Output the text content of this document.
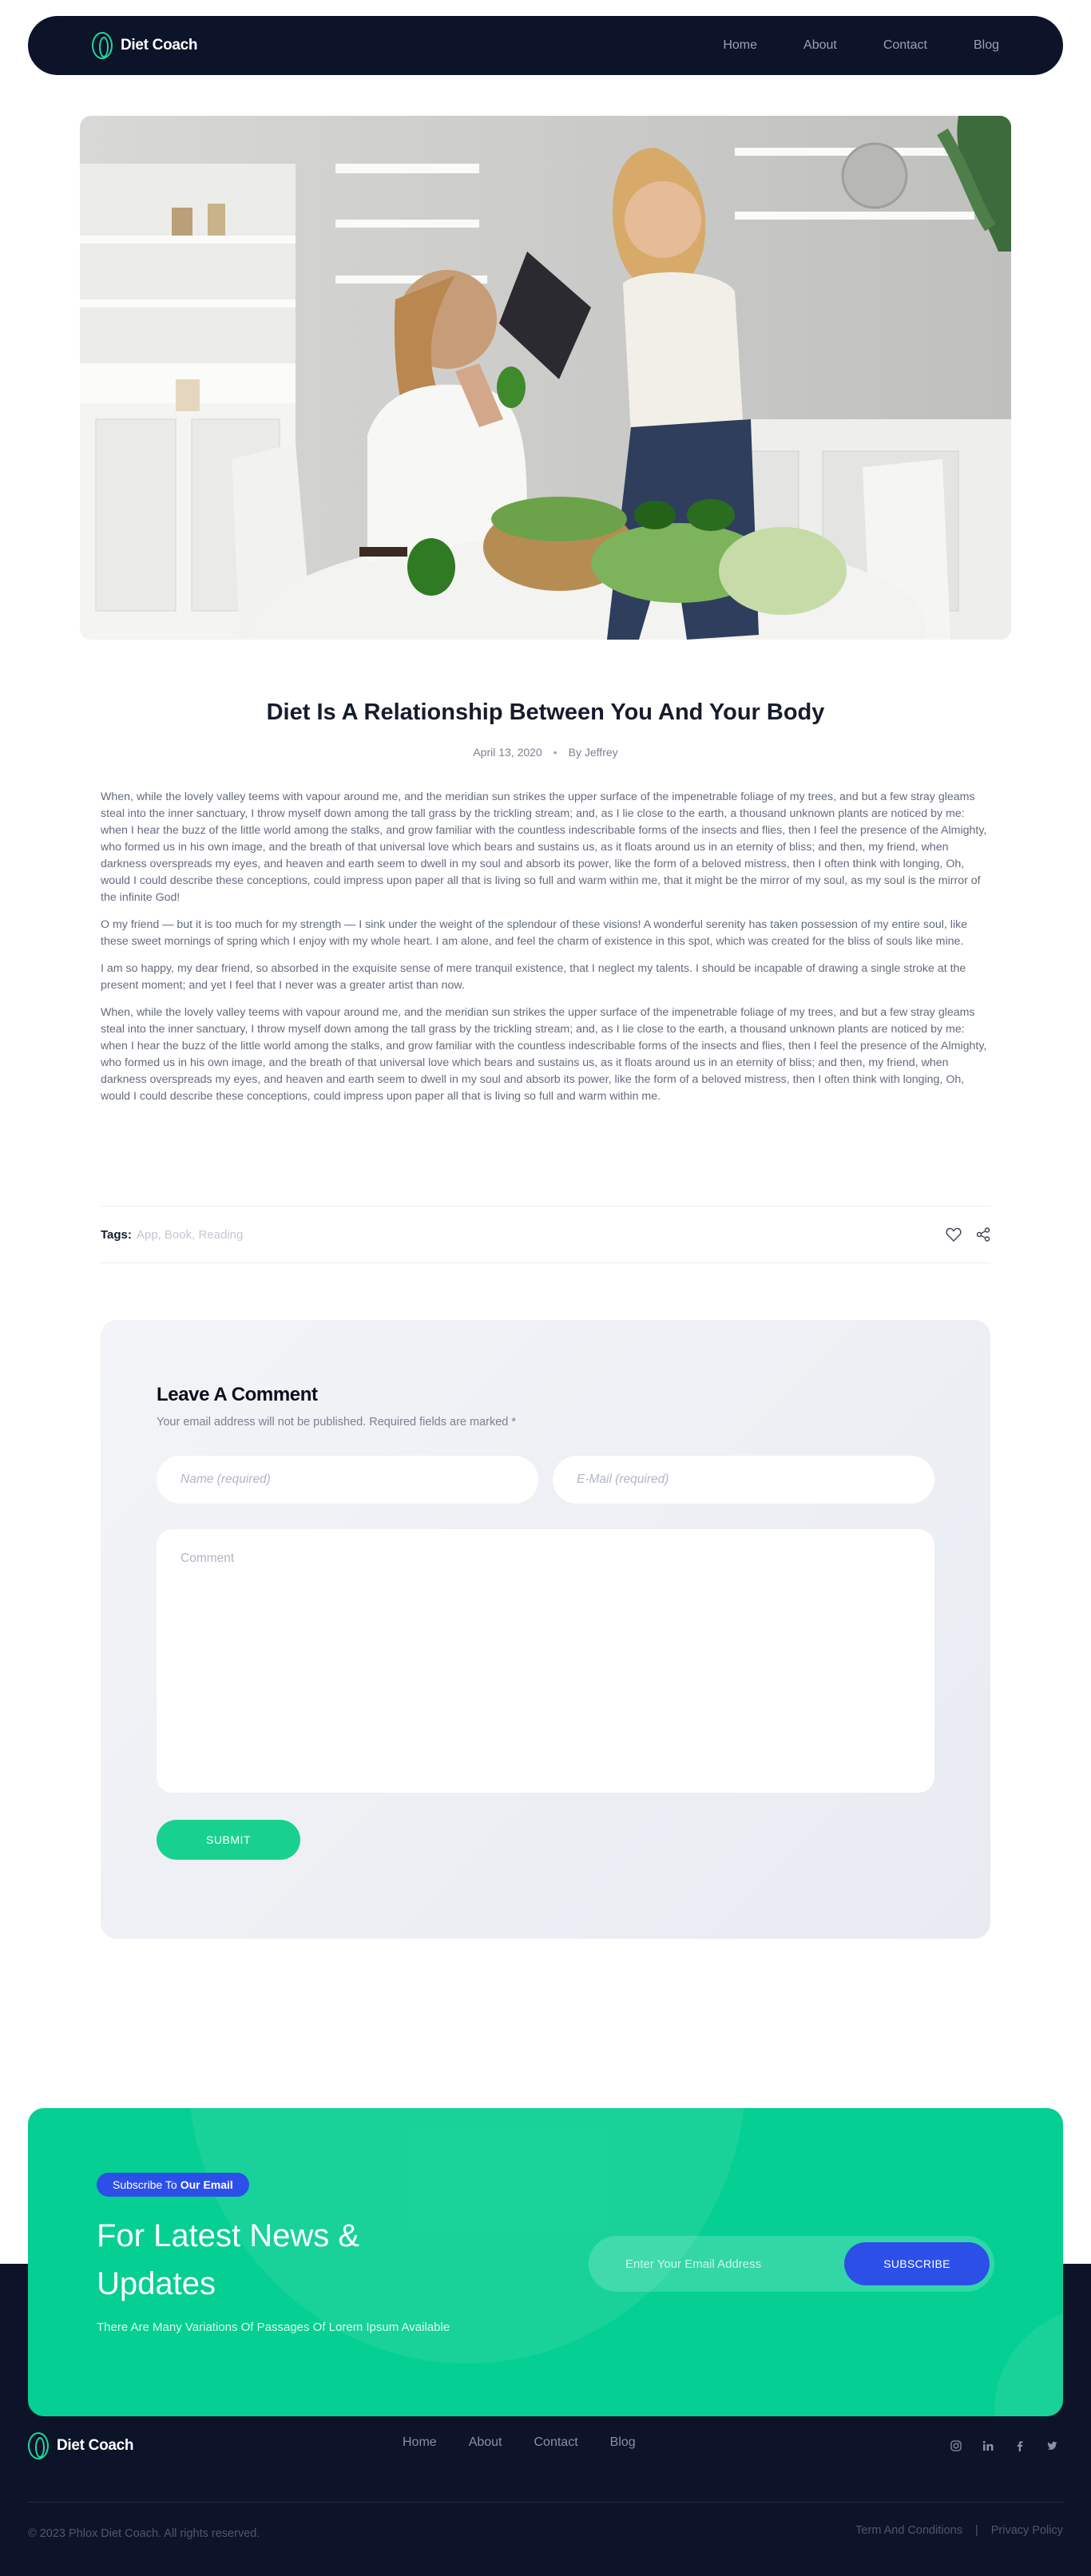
Diet Coach	Home	About	Contact	Blog
Diet Is A Relationship Between You And Your Body
April 13, 2020 • By Jeffrey

When, while the lovely valley teems with vapour around me, and the meridian sun strikes the upper surface of the impenetrable foliage of my trees, and but a few stray gleams steal into the inner sanctuary, I throw myself down among the tall grass by the trickling stream; and, as I lie close to the earth, a thousand unknown plants are noticed by me: when I hear the buzz of the little world among the stalks, and grow familiar with the countless indescribable forms of the insects and flies, then I feel the presence of the Almighty, who formed us in his own image, and the breath of that universal love which bears and sustains us, as it floats around us in an eternity of bliss; and then, my friend, when darkness overspreads my eyes, and heaven and earth seem to dwell in my soul and absorb its power, like the form of a beloved mistress, then I often think with longing, Oh, would I could describe these conceptions, could impress upon paper all that is living so full and warm within me, that it might be the mirror of my soul, as my soul is the mirror of the infinite God!

O my friend — but it is too much for my strength — I sink under the weight of the splendour of these visions! A wonderful serenity has taken possession of my entire soul, like these sweet mornings of spring which I enjoy with my whole heart. I am alone, and feel the charm of existence in this spot, which was created for the bliss of souls like mine.

I am so happy, my dear friend, so absorbed in the exquisite sense of mere tranquil existence, that I neglect my talents. I should be incapable of drawing a single stroke at the present moment; and yet I feel that I never was a greater artist than now.

When, while the lovely valley teems with vapour around me, and the meridian sun strikes the upper surface of the impenetrable foliage of my trees, and but a few stray gleams steal into the inner sanctuary, I throw myself down among the tall grass by the trickling stream; and, as I lie close to the earth, a thousand unknown plants are noticed by me: when I hear the buzz of the little world among the stalks, and grow familiar with the countless indescribable forms of the insects and flies, then I feel the presence of the Almighty, who formed us in his own image, and the breath of that universal love which bears and sustains us, as it floats around us in an eternity of bliss; and then, my friend, when darkness overspreads my eyes, and heaven and earth seem to dwell in my soul and absorb its power, like the form of a beloved mistress, then I often think with longing, Oh, would I could describe these conceptions, could impress upon paper all that is living so full and warm within me.

Tags: App, Book, Reading
Leave A Comment
Your email address will not be published. Required fields are marked *
Name (required)	E-Mail (required)
Comment
SUBMIT
Subscribe To Our Email
For Latest News & Updates
There Are Many Variations Of Passages Of Lorem Ipsum Available
Enter Your Email Address	SUBSCRIBE
Diet Coach	Home	About	Contact	Blog
© 2023 Phlox Diet Coach. All rights reserved.	Term And Conditions | Privacy Policy
